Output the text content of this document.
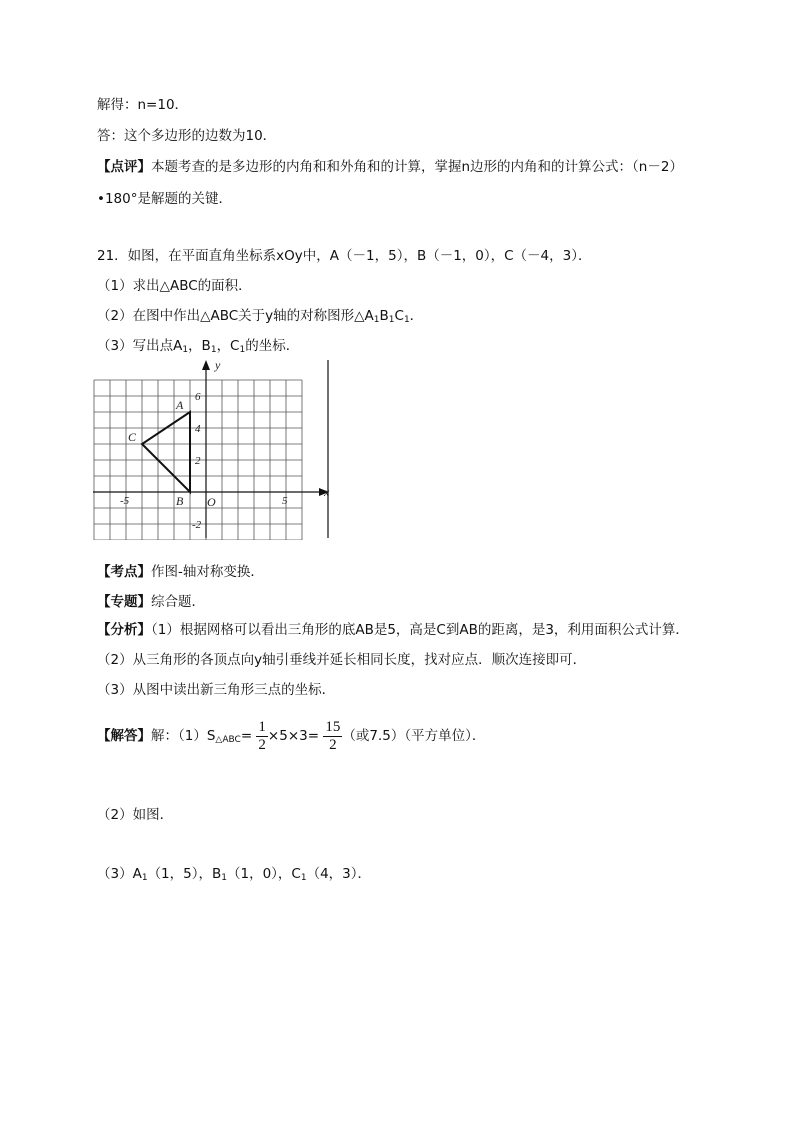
解得：n=10．
答：这个多边形的边数为10．
【点评】本题考查的是多边形的内角和和外角和的计算，掌握n边形的内角和的计算公式：（n－2）
•180°是解题的关键．
21．如图，在平面直角坐标系xOy中，A（－1，5），B（－1，0），C（－4，3）．
（1）求出△ABC的面积．
（2）在图中作出△ABC关于y轴的对称图形$\triangle A_1B_1C_1$．
（3）写出点$A_1$，$B_1$，$C_1$的坐标．
y
x
O
6
4
2
-2
-5	5
A
B
C
【考点】作图-轴对称变换．
【专题】综合题．
【分析】（1）根据网格可以看出三角形的底AB是5，高是C到AB的距离，是3，利用面积公式计算．
（2）从三角形的各顶点向y轴引垂线并延长相同长度，找对应点．顺次连接即可．
（3）从图中读出新三角形三点的坐标．
【解答】解：$(1)S_{\triangle ABC}= \frac{1}{2} \times 5\times 3= \frac{15}{2}$ （或7.5）（平方单位）．
（2）如图．
$(3)A_1(1$，5），$B_1(1$，0），$C_1(4$，3）．
